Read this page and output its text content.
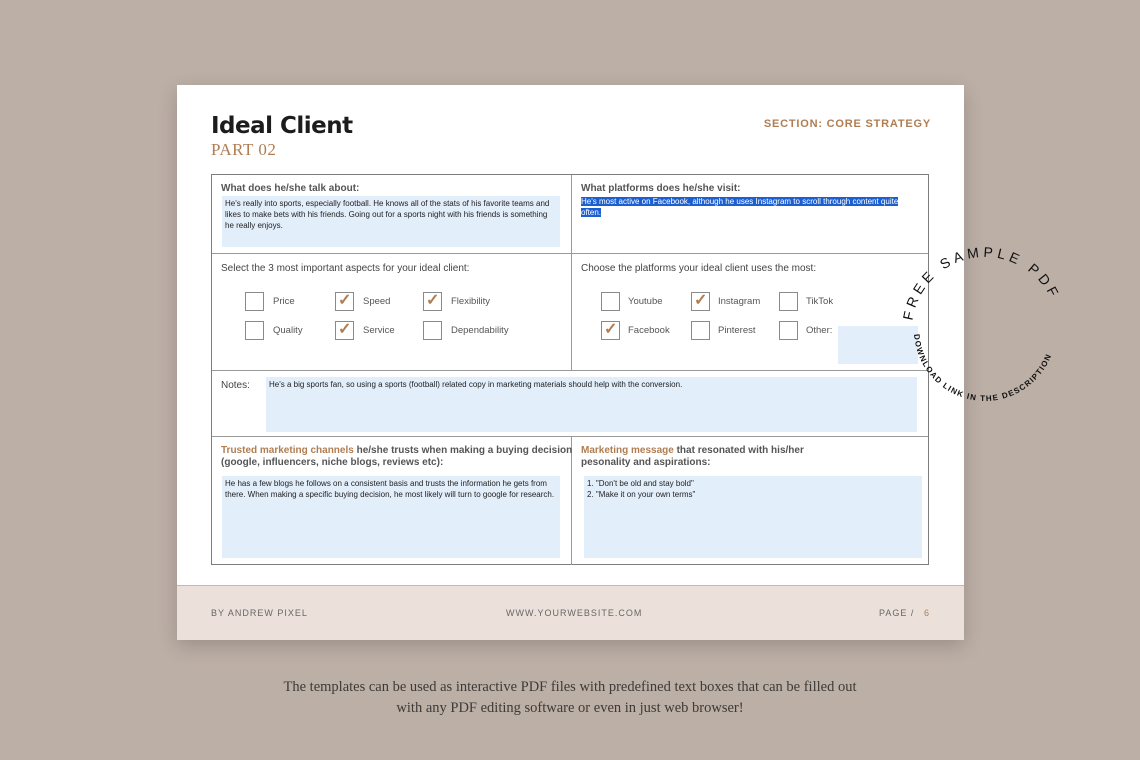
Ideal Client
PART 02
SECTION: CORE STRATEGY
What does he/she talk about:
He's really into sports, especially football. He knows all of the stats of his favorite teams and likes to make bets with his friends. Going out for a sports night with his friends is something he really enjoys.
What platforms does he/she visit:
He's most active on Facebook, although he uses Instagram to scroll through content quite often.
Select the 3 most important aspects for your ideal client:
Price	✓ Speed ✓ Flexibility
Quality ✓ Service	Dependability
Choose the platforms your ideal client uses the most:
Youtube ✓ Instagram	TikTok
✓ Facebook	Pinterest	Other:
Notes:	He's a big sports fan, so using a sports (football) related copy in marketing materials should help with the conversion.
Trusted marketing channels he/she trusts when making a buying decision
(google, influencers, niche blogs, reviews etc):
He has a few blogs he follows on a consistent basis and trusts the information he gets from there. When making a specific buying decision, he most likely will turn to google for research.
Marketing message that resonated with his/her
pesonality and aspirations:
1. "Don't be old and stay bold"
2. "Make it on your own terms"
BY ANDREW PIXEL	WWW.YOURWEBSITE.COM	PAGE / 6
FREE SAMPLE PDF
DOWNLOAD LINK IN THE DESCRIPTION
The templates can be used as interactive PDF files with predefined text boxes that can be filled out
with any PDF editing software or even in just web browser!
